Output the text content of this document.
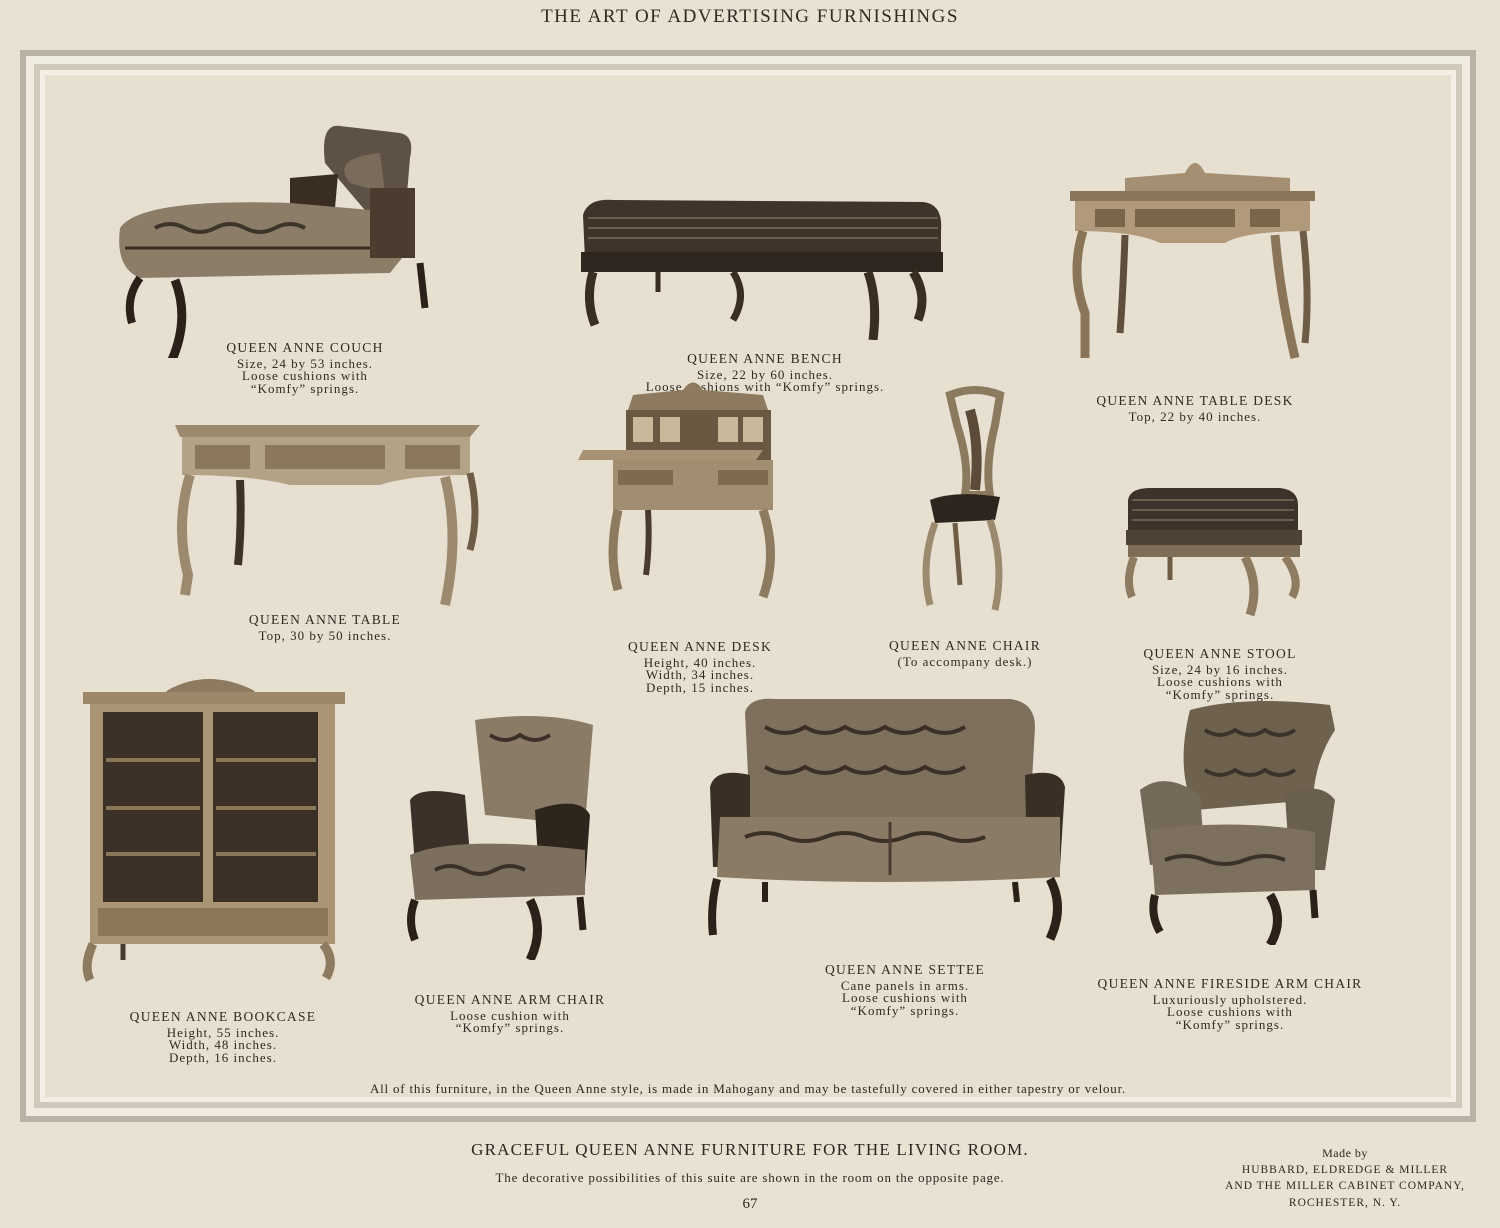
THE ART OF ADVERTISING FURNISHINGS
QUEEN ANNE COUCH
Size, 24 by 53 inches.
Loose cushions with
“Komfy” springs.
QUEEN ANNE BENCH
Size, 22 by 60 inches.
Loose cushions with “Komfy” springs.
QUEEN ANNE TABLE DESK
Top, 22 by 40 inches.
QUEEN ANNE TABLE
Top, 30 by 50 inches.
QUEEN ANNE DESK
Height, 40 inches.
Width, 34 inches.
Depth, 15 inches.
QUEEN ANNE CHAIR
(To accompany desk.)
QUEEN ANNE STOOL
Size, 24 by 16 inches.
Loose cushions with
“Komfy” springs.
QUEEN ANNE BOOKCASE
Height, 55 inches.
Width, 48 inches.
Depth, 16 inches.
QUEEN ANNE ARM CHAIR
Loose cushion with
“Komfy” springs.
QUEEN ANNE SETTEE
Cane panels in arms.
Loose cushions with
“Komfy” springs.
QUEEN ANNE FIRESIDE ARM CHAIR
Luxuriously upholstered.
Loose cushions with
“Komfy” springs.
All of this furniture, in the Queen Anne style, is made in Mahogany and may be tastefully covered in either tapestry or velour.
GRACEFUL QUEEN ANNE FURNITURE FOR THE LIVING ROOM.
The decorative possibilities of this suite are shown in the room on the opposite page.
67
Made by
HUBBARD, ELDREDGE & MILLER
AND THE MILLER CABINET COMPANY,
ROCHESTER, N. Y.
